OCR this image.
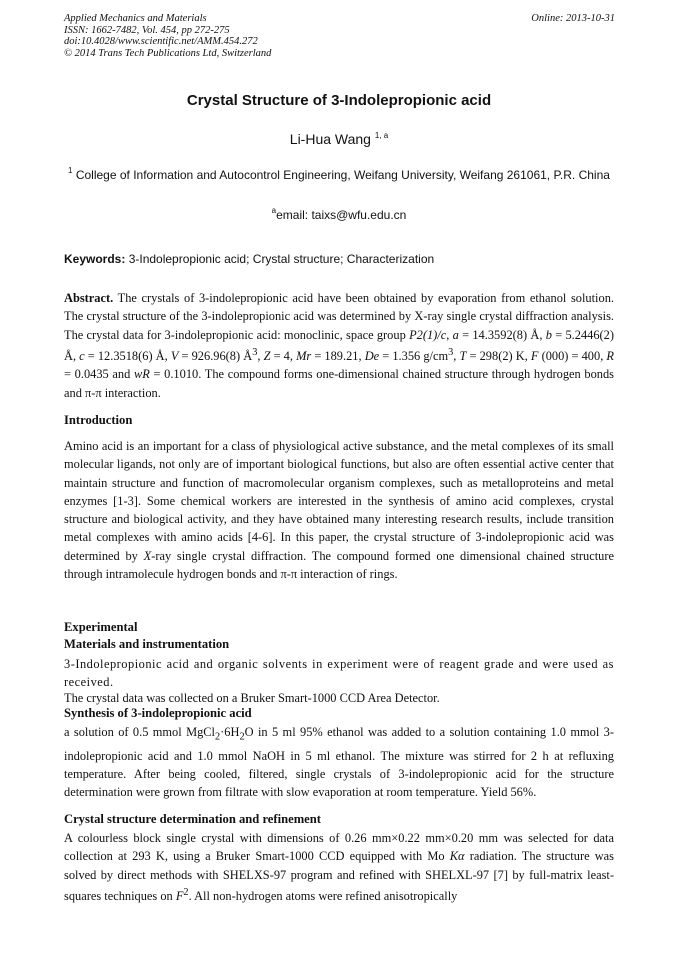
Applied Mechanics and Materials
ISSN: 1662-7482, Vol. 454, pp 272-275
doi:10.4028/www.scientific.net/AMM.454.272
© 2014 Trans Tech Publications Ltd, Switzerland
Online: 2013-10-31
Crystal Structure of 3-Indolepropionic acid
Li-Hua Wang $^{1, a}$
$^1$ College of Information and Autocontrol Engineering, Weifang University, Weifang 261061, P.R. China
$^a$email: taixs@wfu.edu.cn
Keywords: 3-Indolepropionic acid; Crystal structure; Characterization
Abstract. The crystals of 3-indolepropionic acid have been obtained by evaporation from ethanol solution. The crystal structure of the 3-indolepropionic acid was determined by X-ray single crystal diffraction analysis. The crystal data for 3-indolepropionic acid: monoclinic, space group P2(1)/c, a = 14.3592(8) Å, b = 5.2446(2) Å, c = 12.3518(6) Å, V = 926.96(8) $Å^3$, Z = 4, Mr = 189.21, De = 1.356 $g/cm^3$, T = 298(2) K, F (000) = 400, R = 0.0435 and wR = 0.1010. The compound forms one-dimensional chained structure through hydrogen bonds and π-π interaction.
Introduction
Amino acid is an important for a class of physiological active substance, and the metal complexes of its small molecular ligands, not only are of important biological functions, but also are often essential active center that maintain structure and function of macromolecular organism complexes, such as metalloproteins and metal enzymes [1-3]. Some chemical workers are interested in the synthesis of amino acid complexes, crystal structure and biological activity, and they have obtained many interesting research results, include transition metal complexes with amino acids [4-6]. In this paper, the crystal structure of 3-indolepropionic acid was determined by X-ray single crystal diffraction. The compound formed one dimensional chained structure through intramolecule hydrogen bonds and π-π interaction of rings.
Experimental
Materials and instrumentation
3-Indolepropionic acid and organic solvents in experiment were of reagent grade and were used as received.
The crystal data was collected on a Bruker Smart-1000 CCD Area Detector.
Synthesis of 3-indolepropionic acid
a solution of 0.5 mmol $MgCl_2\cdot 6H_2O$ in 5 ml 95% ethanol was added to a solution containing 1.0 mmol 3-indolepropionic acid and 1.0 mmol NaOH in 5 ml ethanol. The mixture was stirred for 2 h at refluxing temperature. After being cooled, filtered, single crystals of 3-indolepropionic acid for the structure determination were grown from filtrate with slow evaporation at room temperature. Yield 56%.
Crystal structure determination and refinement
A colourless block single crystal with dimensions of 0.26 mm×0.22 mm×0.20 mm was selected for data collection at 293 K, using a Bruker Smart-1000 CCD equipped with Mo Kα radiation. The structure was solved by direct methods with SHELXS-97 program and refined with SHELXL-97 [7] by full-matrix least-squares techniques on $F^2$. All non-hydrogen atoms were refined anisotropically
